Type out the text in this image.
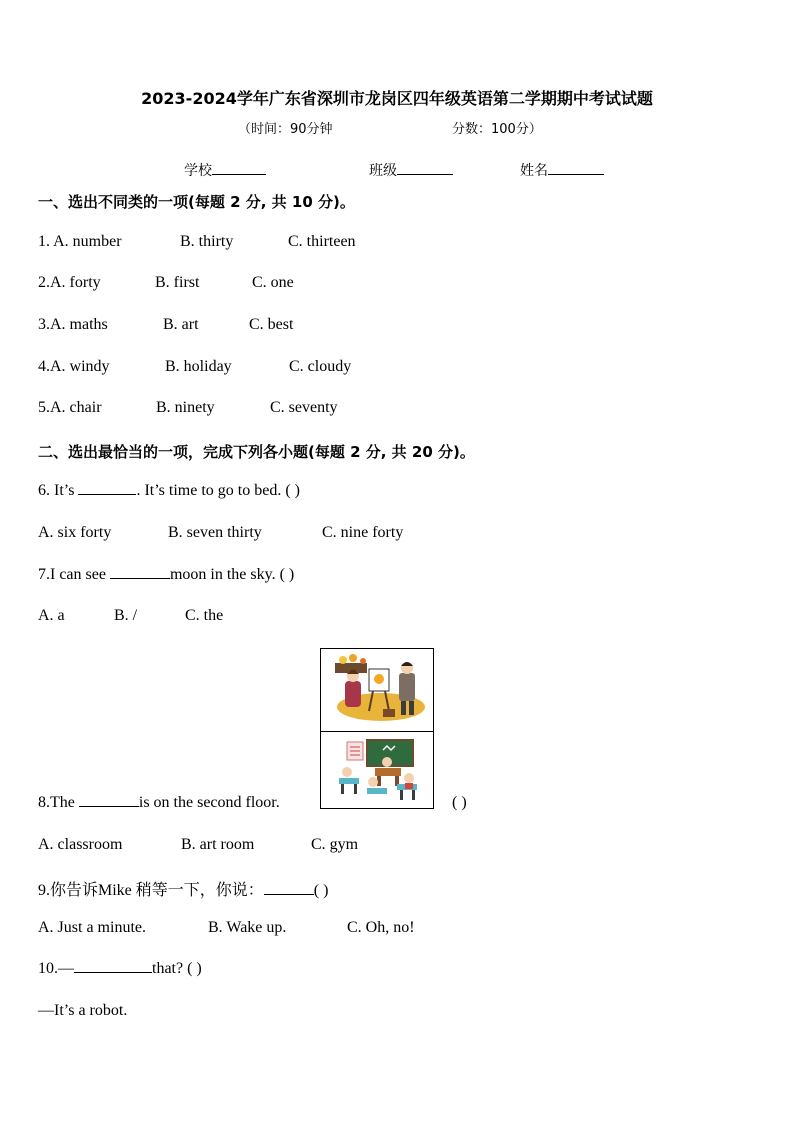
2023-2024学年广东省深圳市龙岗区四年级英语第二学期期中考试试题
（时间：90分钟	分数：100分）
学校	班级	姓名
一、选出不同类的一项(每题 2 分, 共 10 分)。
1. A. number	B. thirty	C. thirteen
2.A. forty	B. first	C. one
3.A. maths	B. art	C. best
4.A. windy	B. holiday	C. cloudy
5.A. chair	B. ninety	C. seventy
二、选出最恰当的一项，完成下列各小题(每题 2 分, 共 20 分)。
6. It’s	. It’s time to go to bed. ( )
A. six forty	B. seven thirty	C. nine forty
7.I can see	moon in the sky. ( )
A. a	B. /	C. the
8.The	is on the second floor.	( )
A. classroom	B. art room	C. gym
9.你告诉Mike 稍等一下，你说：	( )
A. Just a minute.	B. Wake up.	C. Oh, no!
10.—	that? ( )
—It’s a robot.
